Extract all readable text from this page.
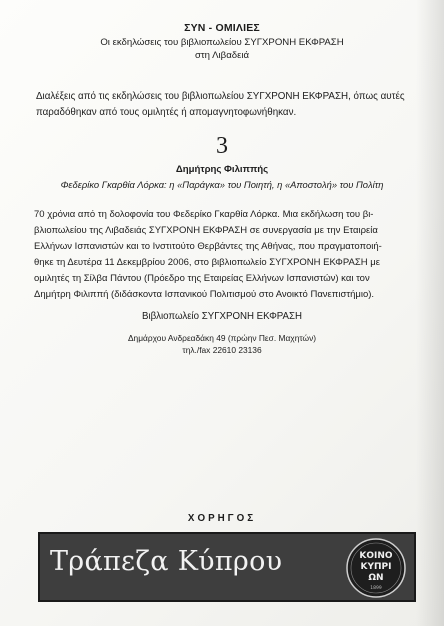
ΣΥΝ - ΟΜΙΛΙΕΣ
Οι εκδηλώσεις του βιβλιοπωλείου ΣΥΓΧΡΟΝΗ ΕΚΦΡΑΣΗ
στη Λιβαδειά
Διαλέξεις από τις εκδηλώσεις του βιβλιοπωλείου ΣΥΓΧΡΟΝΗ ΕΚΦΡΑΣΗ, όπως αυτές
παραδόθηκαν από τους ομιλητές ή απομαγνητοφωνήθηκαν.
3
Δημήτρης Φιλιππής
Φεδερίκο Γκαρθία Λόρκα: η «Παράγκα» του Ποιητή, η «Αποστολή» του Πολίτη
70 χρόνια από τη δολοφονία του Φεδερίκο Γκαρθία Λόρκα. Μια εκδήλωση του βι-
βλιοπωλείου της Λιβαδειάς ΣΥΓΧΡΟΝΗ ΕΚΦΡΑΣΗ σε συνεργασία με την Εταιρεία
Ελλήνων Ισπανιστών και το Ινστιτούτο Θερβάντες της Αθήνας, που πραγματοποιή-
θηκε τη Δευτέρα 11 Δεκεμβρίου 2006, στο βιβλιοπωλείο ΣΥΓΧΡΟΝΗ ΕΚΦΡΑΣΗ με
ομιλητές τη Σίλβα Πάντου (Πρόεδρο της Εταιρείας Ελλήνων Ισπανιστών) και τον
Δημήτρη Φιλιππή (διδάσκοντα Ισπανικού Πολιτισμού στο Ανοικτό Πανεπιστήμιο).
Βιβλιοπωλείο ΣΥΓΧΡΟΝΗ ΕΚΦΡΑΣΗ
Δημάρχου Ανδρεαδάκη 49 (πρώην Πεσ. Μαχητών)
τηλ./fax 22610 23136
ΧΟΡΗΓΟΣ
Τράπεζα Κύπρου	ΚΟΙΝΟ
ΚΥΠΡΙ
ΩΝ
1899
